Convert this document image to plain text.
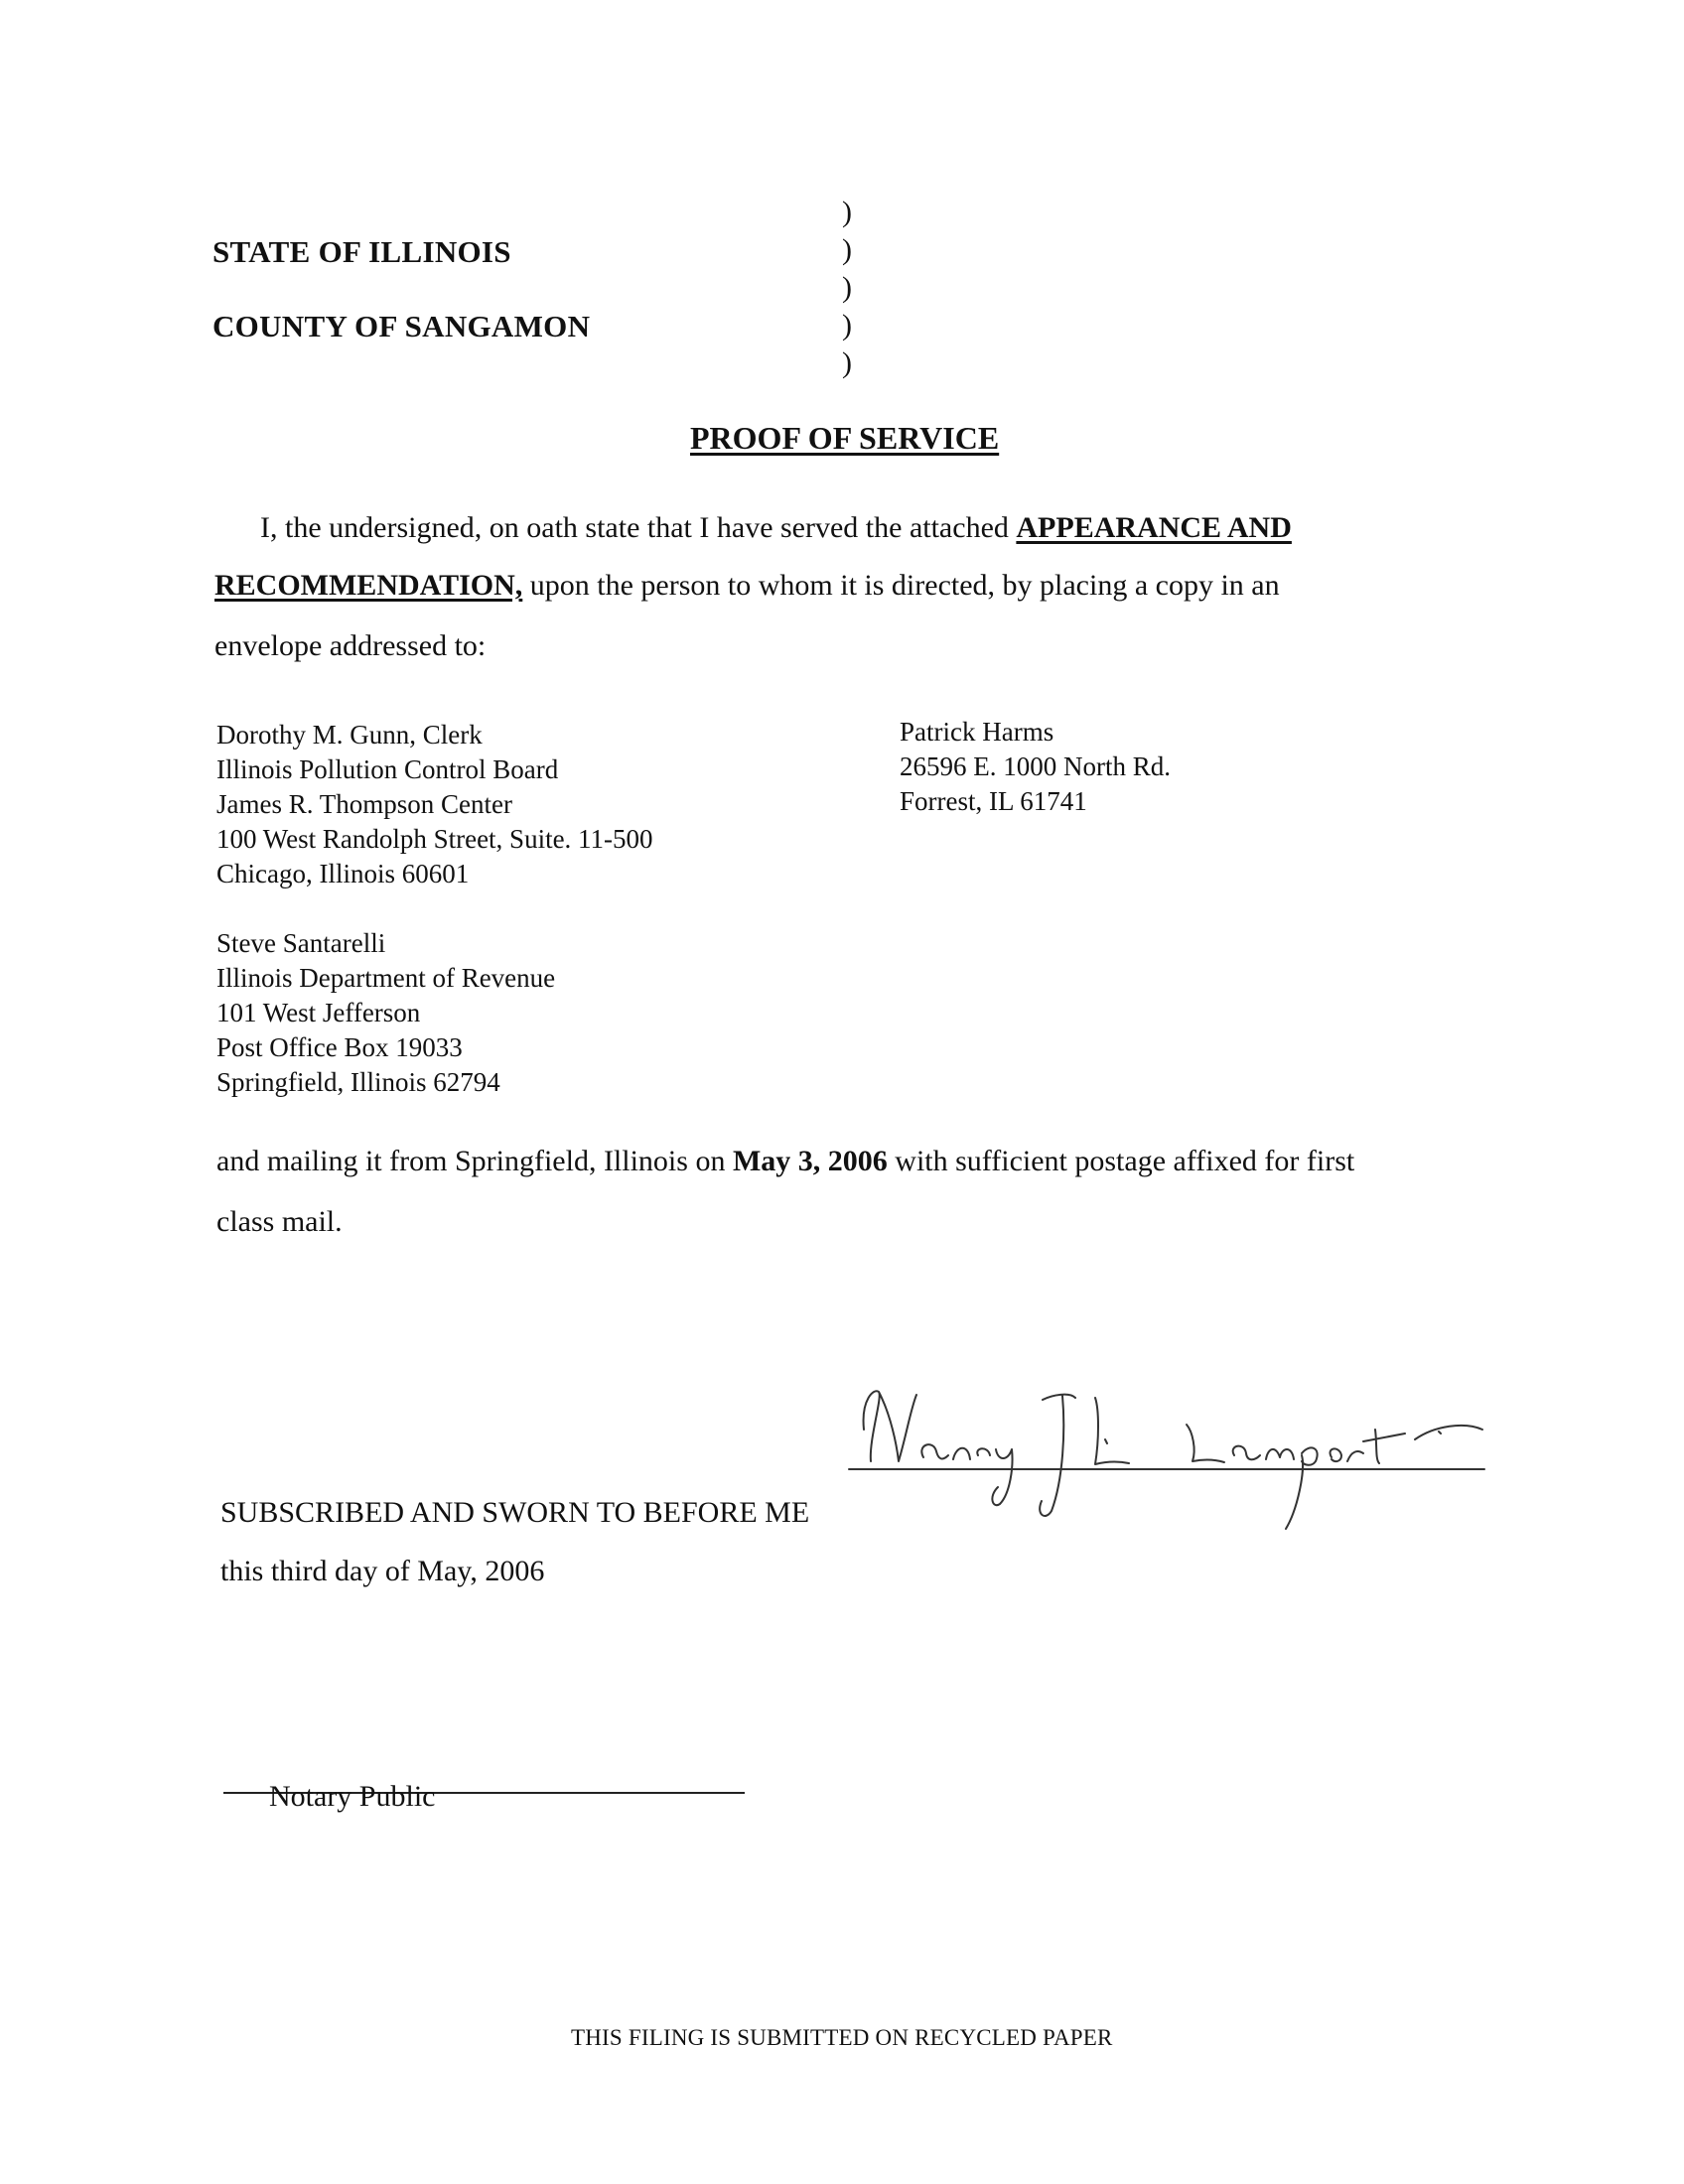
STATE OF ILLINOIS
COUNTY OF SANGAMON
)
)
)
)
)
PROOF OF SERVICE
I, the undersigned, on oath state that I have served the attached APPEARANCE AND
RECOMMENDATION, upon the person to whom it is directed, by placing a copy in an
envelope addressed to:
Dorothy M. Gunn, Clerk
Illinois Pollution Control Board
James R. Thompson Center
100 West Randolph Street, Suite. 11-500
Chicago, Illinois 60601
Steve Santarelli
Illinois Department of Revenue
101 West Jefferson
Post Office Box 19033
Springfield, Illinois 62794
Patrick Harms
26596 E. 1000 North Rd.
Forrest, IL 61741
and mailing it from Springfield, Illinois on May 3, 2006 with sufficient postage affixed for first
class mail.
SUBSCRIBED AND SWORN TO BEFORE ME
this third day of May, 2006
Notary Public
THIS FILING IS SUBMITTED ON RECYCLED PAPER
